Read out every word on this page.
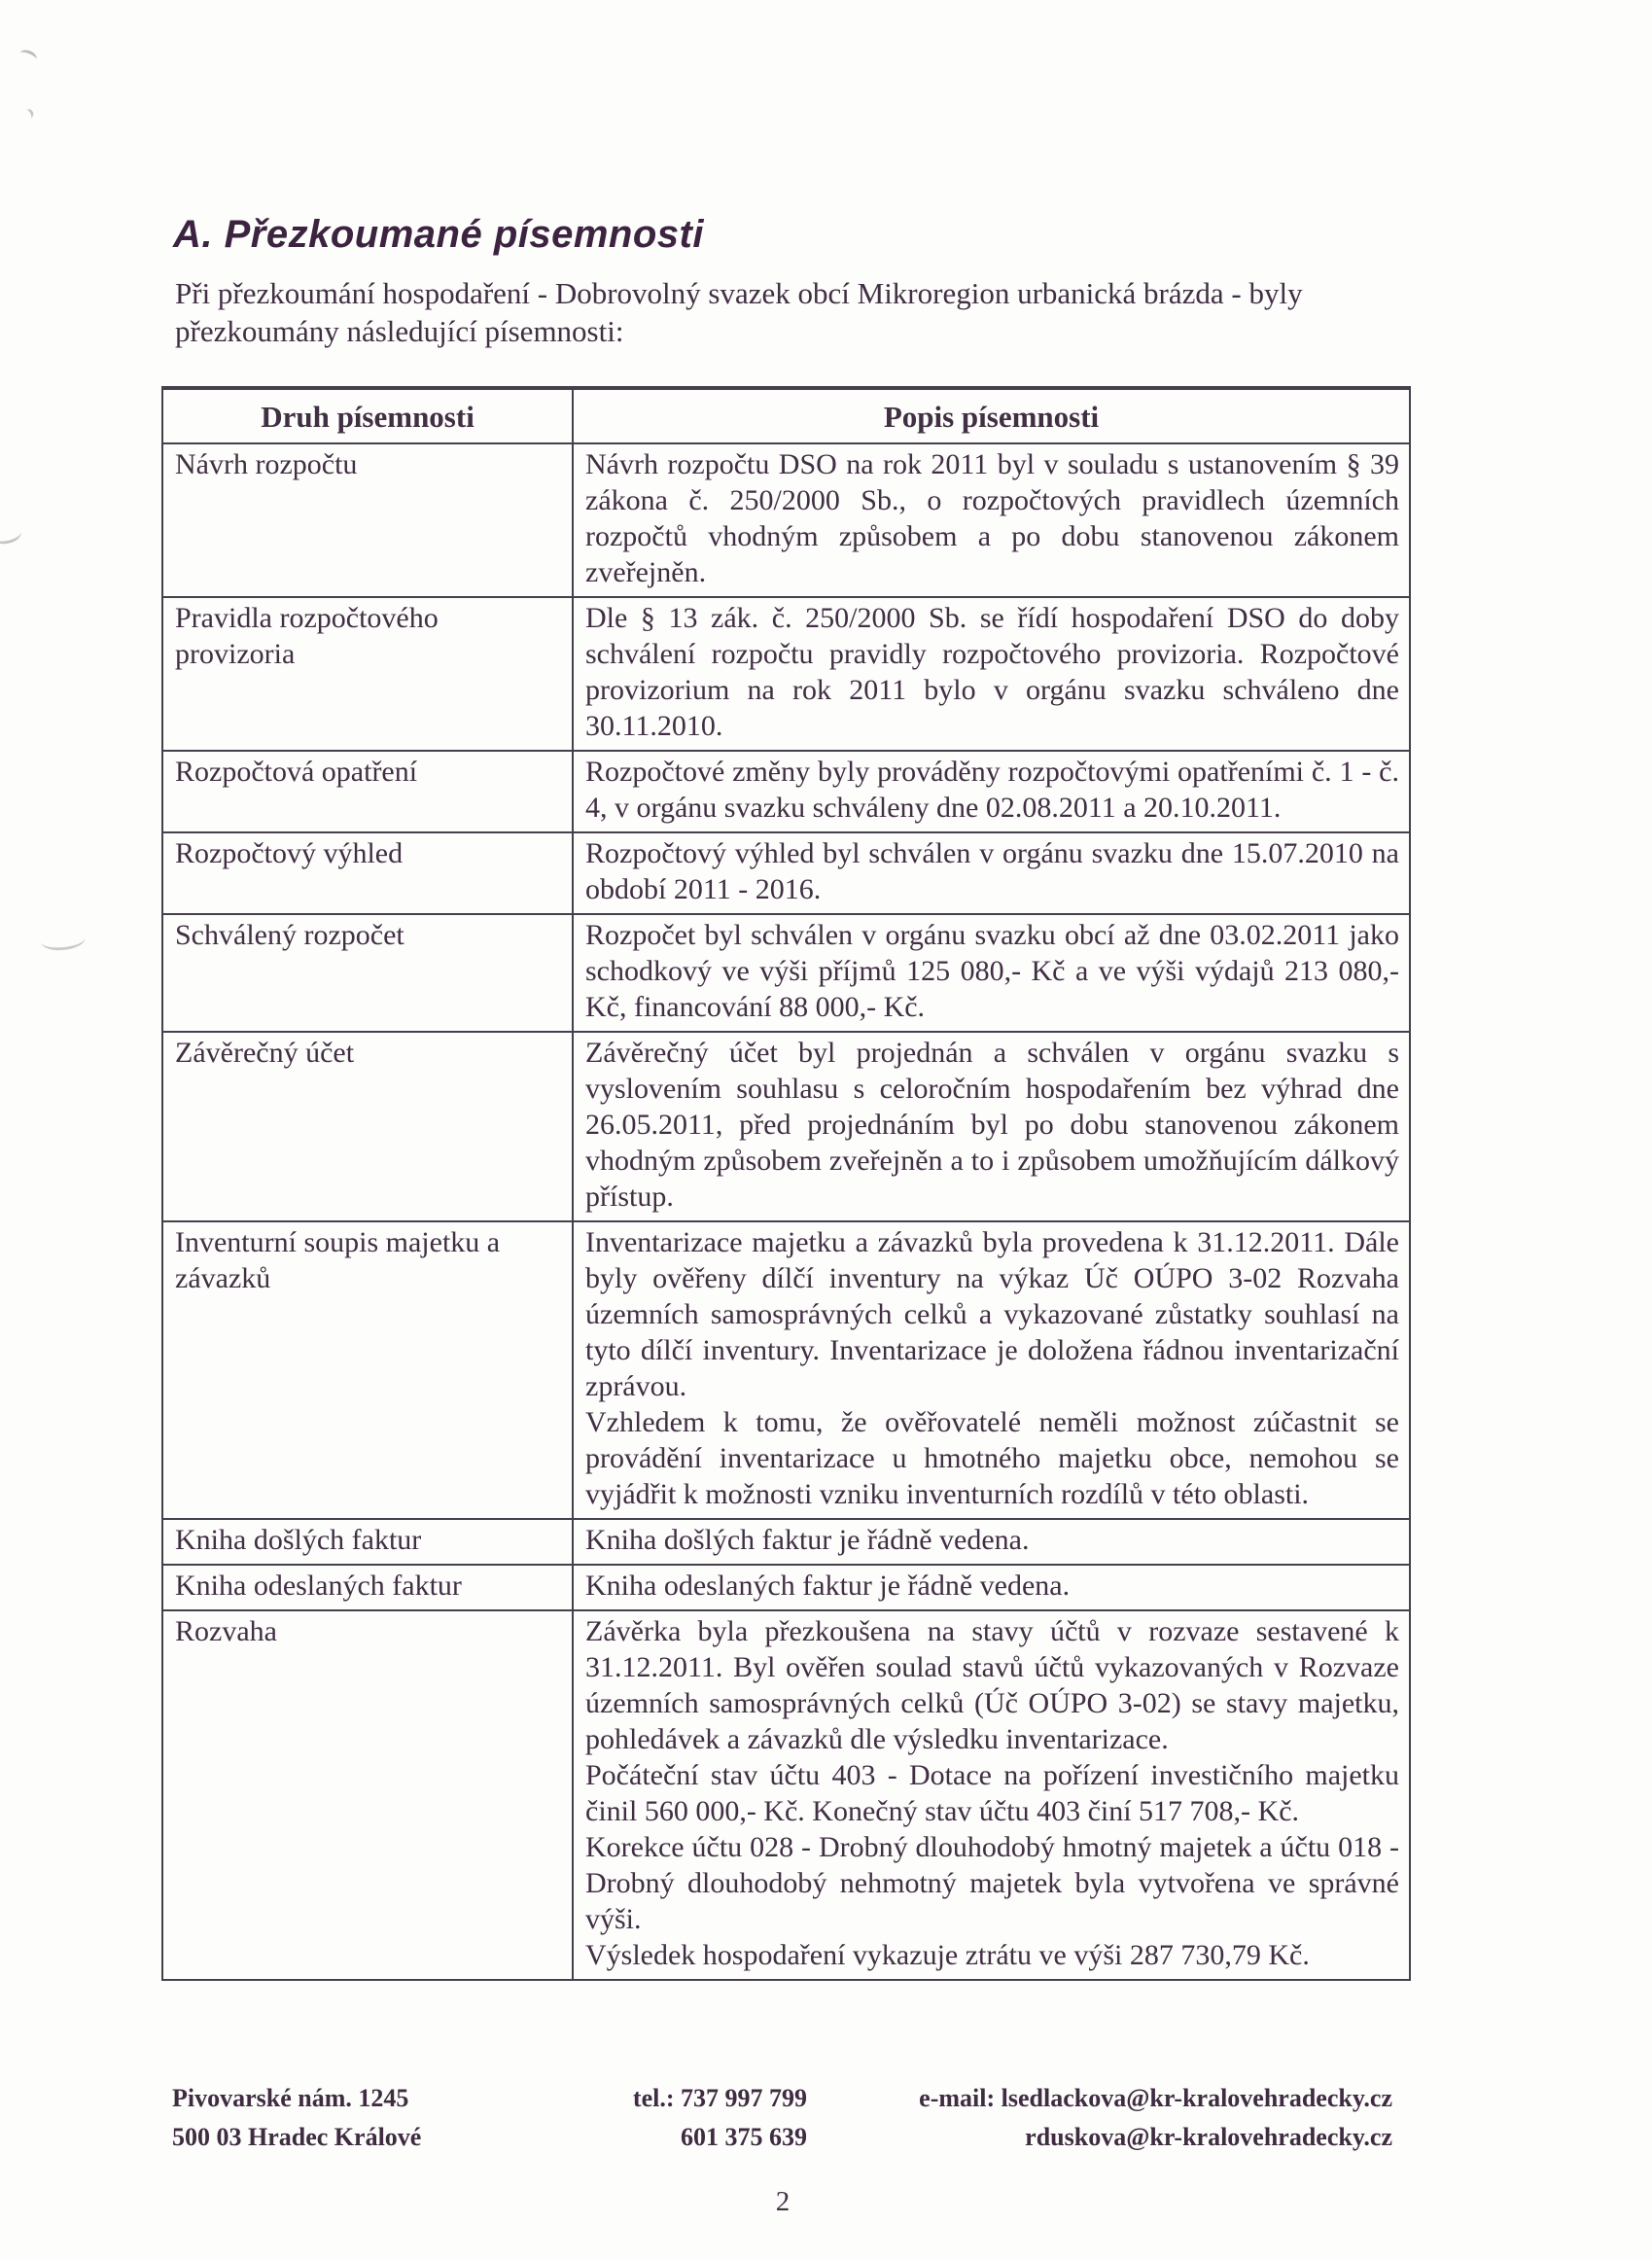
A. Přezkoumané písemnosti

Při přezkoumání hospodaření - Dobrovolný svazek obcí Mikroregion urbanická brázda - byly přezkoumány následující písemnosti:

Druh písemnosti	Popis písemnosti
Návrh rozpočtu	Návrh rozpočtu DSO na rok 2011 byl v souladu s ustanovením § 39 zákona č. 250/2000 Sb., o rozpočtových pravidlech územních rozpočtů vhodným způsobem a po dobu stanovenou zákonem zveřejněn.

Pravidla rozpočtového provizoria	Dle § 13 zák. č. 250/2000 Sb. se řídí hospodaření DSO do doby schválení rozpočtu pravidly rozpočtového provizoria. Rozpočtové provizorium na rok 2011 bylo v orgánu svazku schváleno dne 30.11.2010.

Rozpočtová opatření	Rozpočtové změny byly prováděny rozpočtovými opatřeními č. 1 - č. 4, v orgánu svazku schváleny dne 02.08.2011 a 20.10.2011.

Rozpočtový výhled	Rozpočtový výhled byl schválen v orgánu svazku dne 15.07.2010 na období 2011 - 2016.

Schválený rozpočet	Rozpočet byl schválen v orgánu svazku obcí až dne 03.02.2011 jako schodkový ve výši příjmů 125 080,- Kč a ve výši výdajů 213 080,- Kč, financování 88 000,- Kč.

Závěrečný účet	Závěrečný účet byl projednán a schválen v orgánu svazku s vyslovením souhlasu s celoročním hospodařením bez výhrad dne 26.05.2011, před projednáním byl po dobu stanovenou zákonem vhodným způsobem zveřejněn a to i způsobem umožňujícím dálkový přístup.

Inventurní soupis majetku a závazků	Inventarizace majetku a závazků byla provedena k 31.12.2011. Dále byly ověřeny dílčí inventury na výkaz Úč OÚPO 3-02 Rozvaha územních samosprávných celků a vykazované zůstatky souhlasí na tyto dílčí inventury. Inventarizace je doložena řádnou inventarizační zprávou.

Vzhledem k tomu, že ověřovatelé neměli možnost zúčastnit se provádění inventarizace u hmotného majetku obce, nemohou se vyjádřit k možnosti vzniku inventurních rozdílů v této oblasti.

Kniha došlých faktur	Kniha došlých faktur je řádně vedena.

Kniha odeslaných faktur	Kniha odeslaných faktur je řádně vedena.

Rozvaha	Závěrka byla přezkoušena na stavy účtů v rozvaze sestavené k 31.12.2011. Byl ověřen soulad stavů účtů vykazovaných v Rozvaze územních samosprávných celků (Úč OÚPO 3-02) se stavy majetku, pohledávek a závazků dle výsledku inventarizace.

Počáteční stav účtu 403 - Dotace na pořízení investičního majetku činil 560 000,- Kč. Konečný stav účtu 403 činí 517 708,- Kč.

Korekce účtu 028 - Drobný dlouhodobý hmotný majetek a účtu 018 - Drobný dlouhodobý nehmotný majetek byla vytvořena ve správné výši.

Výsledek hospodaření vykazuje ztrátu ve výši 287 730,79 Kč.

Pivovarské nám. 1245
500 03 Hradec Králové
tel.: 737 997 799
601 375 639
e-mail: lsedlackova@kr-kralovehradecky.cz
rduskova@kr-kralovehradecky.cz
2
